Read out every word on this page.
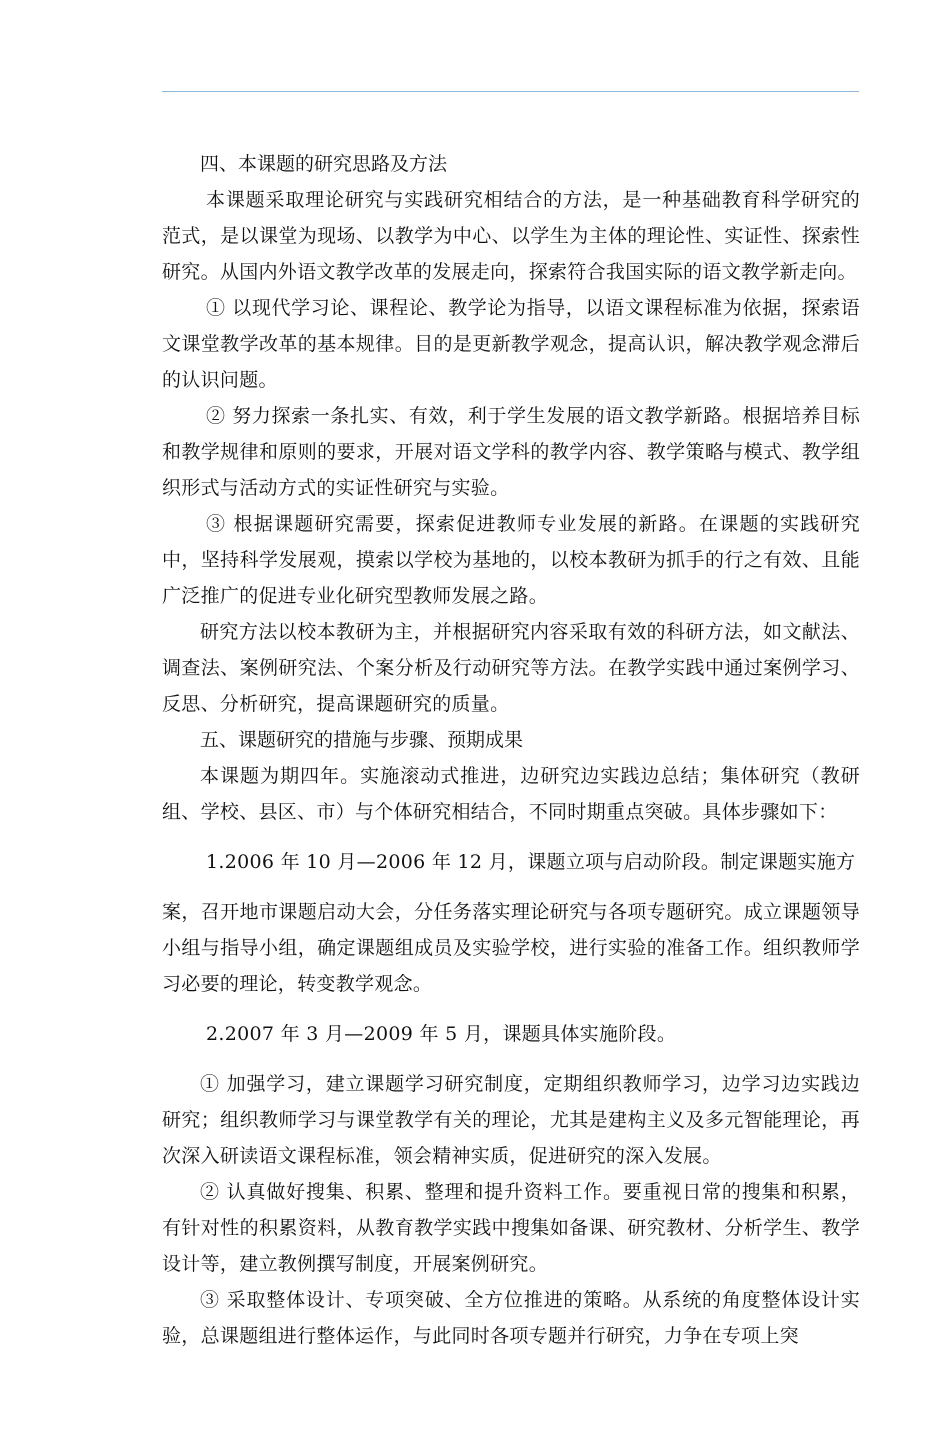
四、本课题的研究思路及方法

本课题采取理论研究与实践研究相结合的方法，是一种基础教育科学研究的范式，是以课堂为现场、以教学为中心、以学生为主体的理论性、实证性、探索性研究。从国内外语文教学改革的发展走向，探索符合我国实际的语文教学新走向。

① 以现代学习论、课程论、教学论为指导，以语文课程标准为依据，探索语文课堂教学改革的基本规律。目的是更新教学观念，提高认识，解决教学观念滞后的认识问题。

② 努力探索一条扎实、有效，利于学生发展的语文教学新路。根据培养目标和教学规律和原则的要求，开展对语文学科的教学内容、教学策略与模式、教学组织形式与活动方式的实证性研究与实验。

③ 根据课题研究需要，探索促进教师专业发展的新路。在课题的实践研究中，坚持科学发展观，摸索以学校为基地的，以校本教研为抓手的行之有效、且能广泛推广的促进专业化研究型教师发展之路。

研究方法以校本教研为主，并根据研究内容采取有效的科研方法，如文献法、调查法、案例研究法、个案分析及行动研究等方法。在教学实践中通过案例学习、反思、分析研究，提高课题研究的质量。

五、课题研究的措施与步骤、预期成果

本课题为期四年。实施滚动式推进，边研究边实践边总结；集体研究（教研组、学校、县区、市）与个体研究相结合，不同时期重点突破。具体步骤如下：

1.2006 年 10 月—2006 年 12 月，课题立项与启动阶段。制定课题实施方

案，召开地市课题启动大会，分任务落实理论研究与各项专题研究。成立课题领导小组与指导小组，确定课题组成员及实验学校，进行实验的准备工作。组织教师学习必要的理论，转变教学观念。

2.2007 年 3 月—2009 年 5 月，课题具体实施阶段。

① 加强学习，建立课题学习研究制度，定期组织教师学习，边学习边实践边研究；组织教师学习与课堂教学有关的理论，尤其是建构主义及多元智能理论，再次深入研读语文课程标准，领会精神实质，促进研究的深入发展。

② 认真做好搜集、积累、整理和提升资料工作。要重视日常的搜集和积累，有针对性的积累资料，从教育教学实践中搜集如备课、研究教材、分析学生、教学设计等，建立教例撰写制度，开展案例研究。

③ 采取整体设计、专项突破、全方位推进的策略。从系统的角度整体设计实验，总课题组进行整体运作，与此同时各项专题并行研究，力争在专项上突
